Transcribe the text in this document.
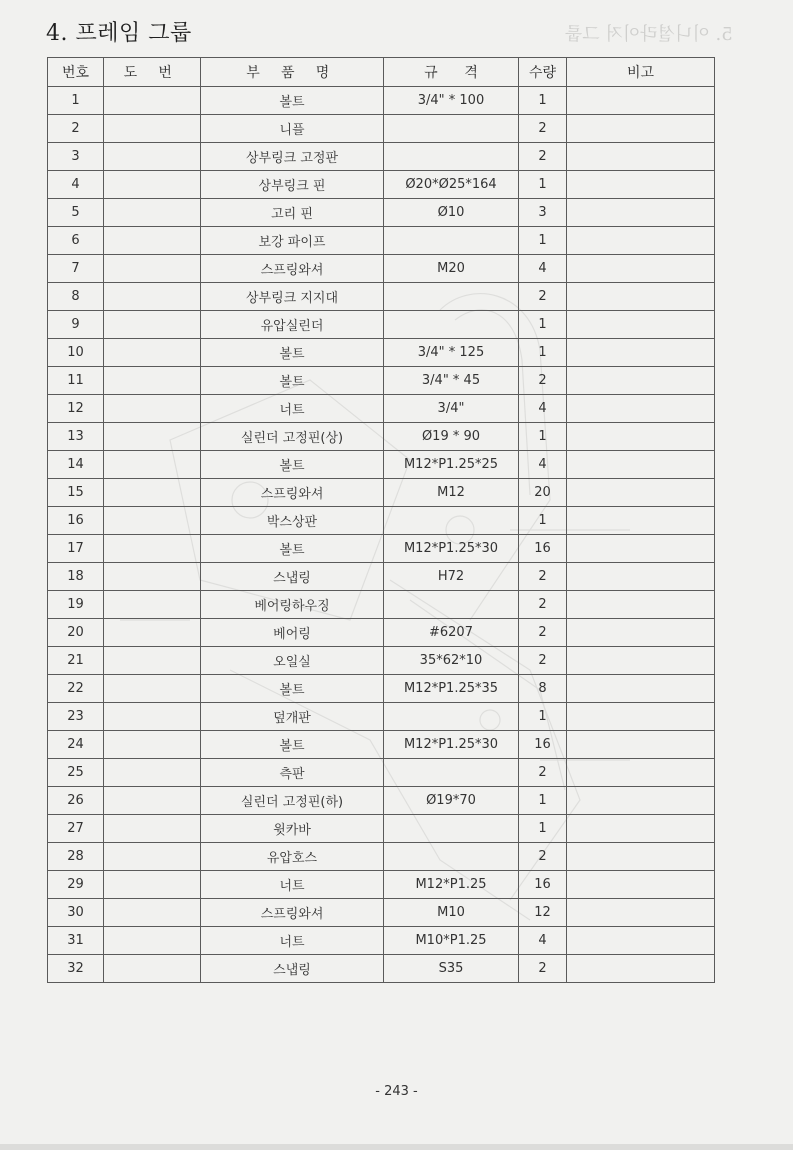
4. 프레임 그룹	5. 이니셜라이저 그룹
번호	도 번	부 품 명	규      격	수량	비고
1		볼트	3/4" * 100	1	
2		니플		2	
3		상부링크 고정판		2	
4		상부링크 핀	Ø20*Ø25*164	1	
5		고리 핀	Ø10	3	
6		보강 파이프		1	
7		스프링와셔	M20	4	
8		상부링크 지지대		2	
9		유압실린더		1	
10		볼트	3/4" * 125	1	
11		볼트	3/4" * 45	2	
12		너트	3/4"	4	
13		실린더 고정핀(상)	Ø19 * 90	1	
14		볼트	M12*P1.25*25	4	
15		스프링와셔	M12	20	
16		박스상판		1	
17		볼트	M12*P1.25*30	16	
18		스냅링	H72	2	
19		베어링하우징		2	
20		베어링	#6207	2	
21		오일실	35*62*10	2	
22		볼트	M12*P1.25*35	8	
23		덮개판		1	
24		볼트	M12*P1.25*30	16	
25		측판		2	
26		실린더 고정핀(하)	Ø19*70	1	
27		윗카바		1	
28		유압호스		2	
29		너트	M12*P1.25	16	
30		스프링와셔	M10	12	
31		너트	M10*P1.25	4	
32		스냅링	S35	2	
- 243 -
